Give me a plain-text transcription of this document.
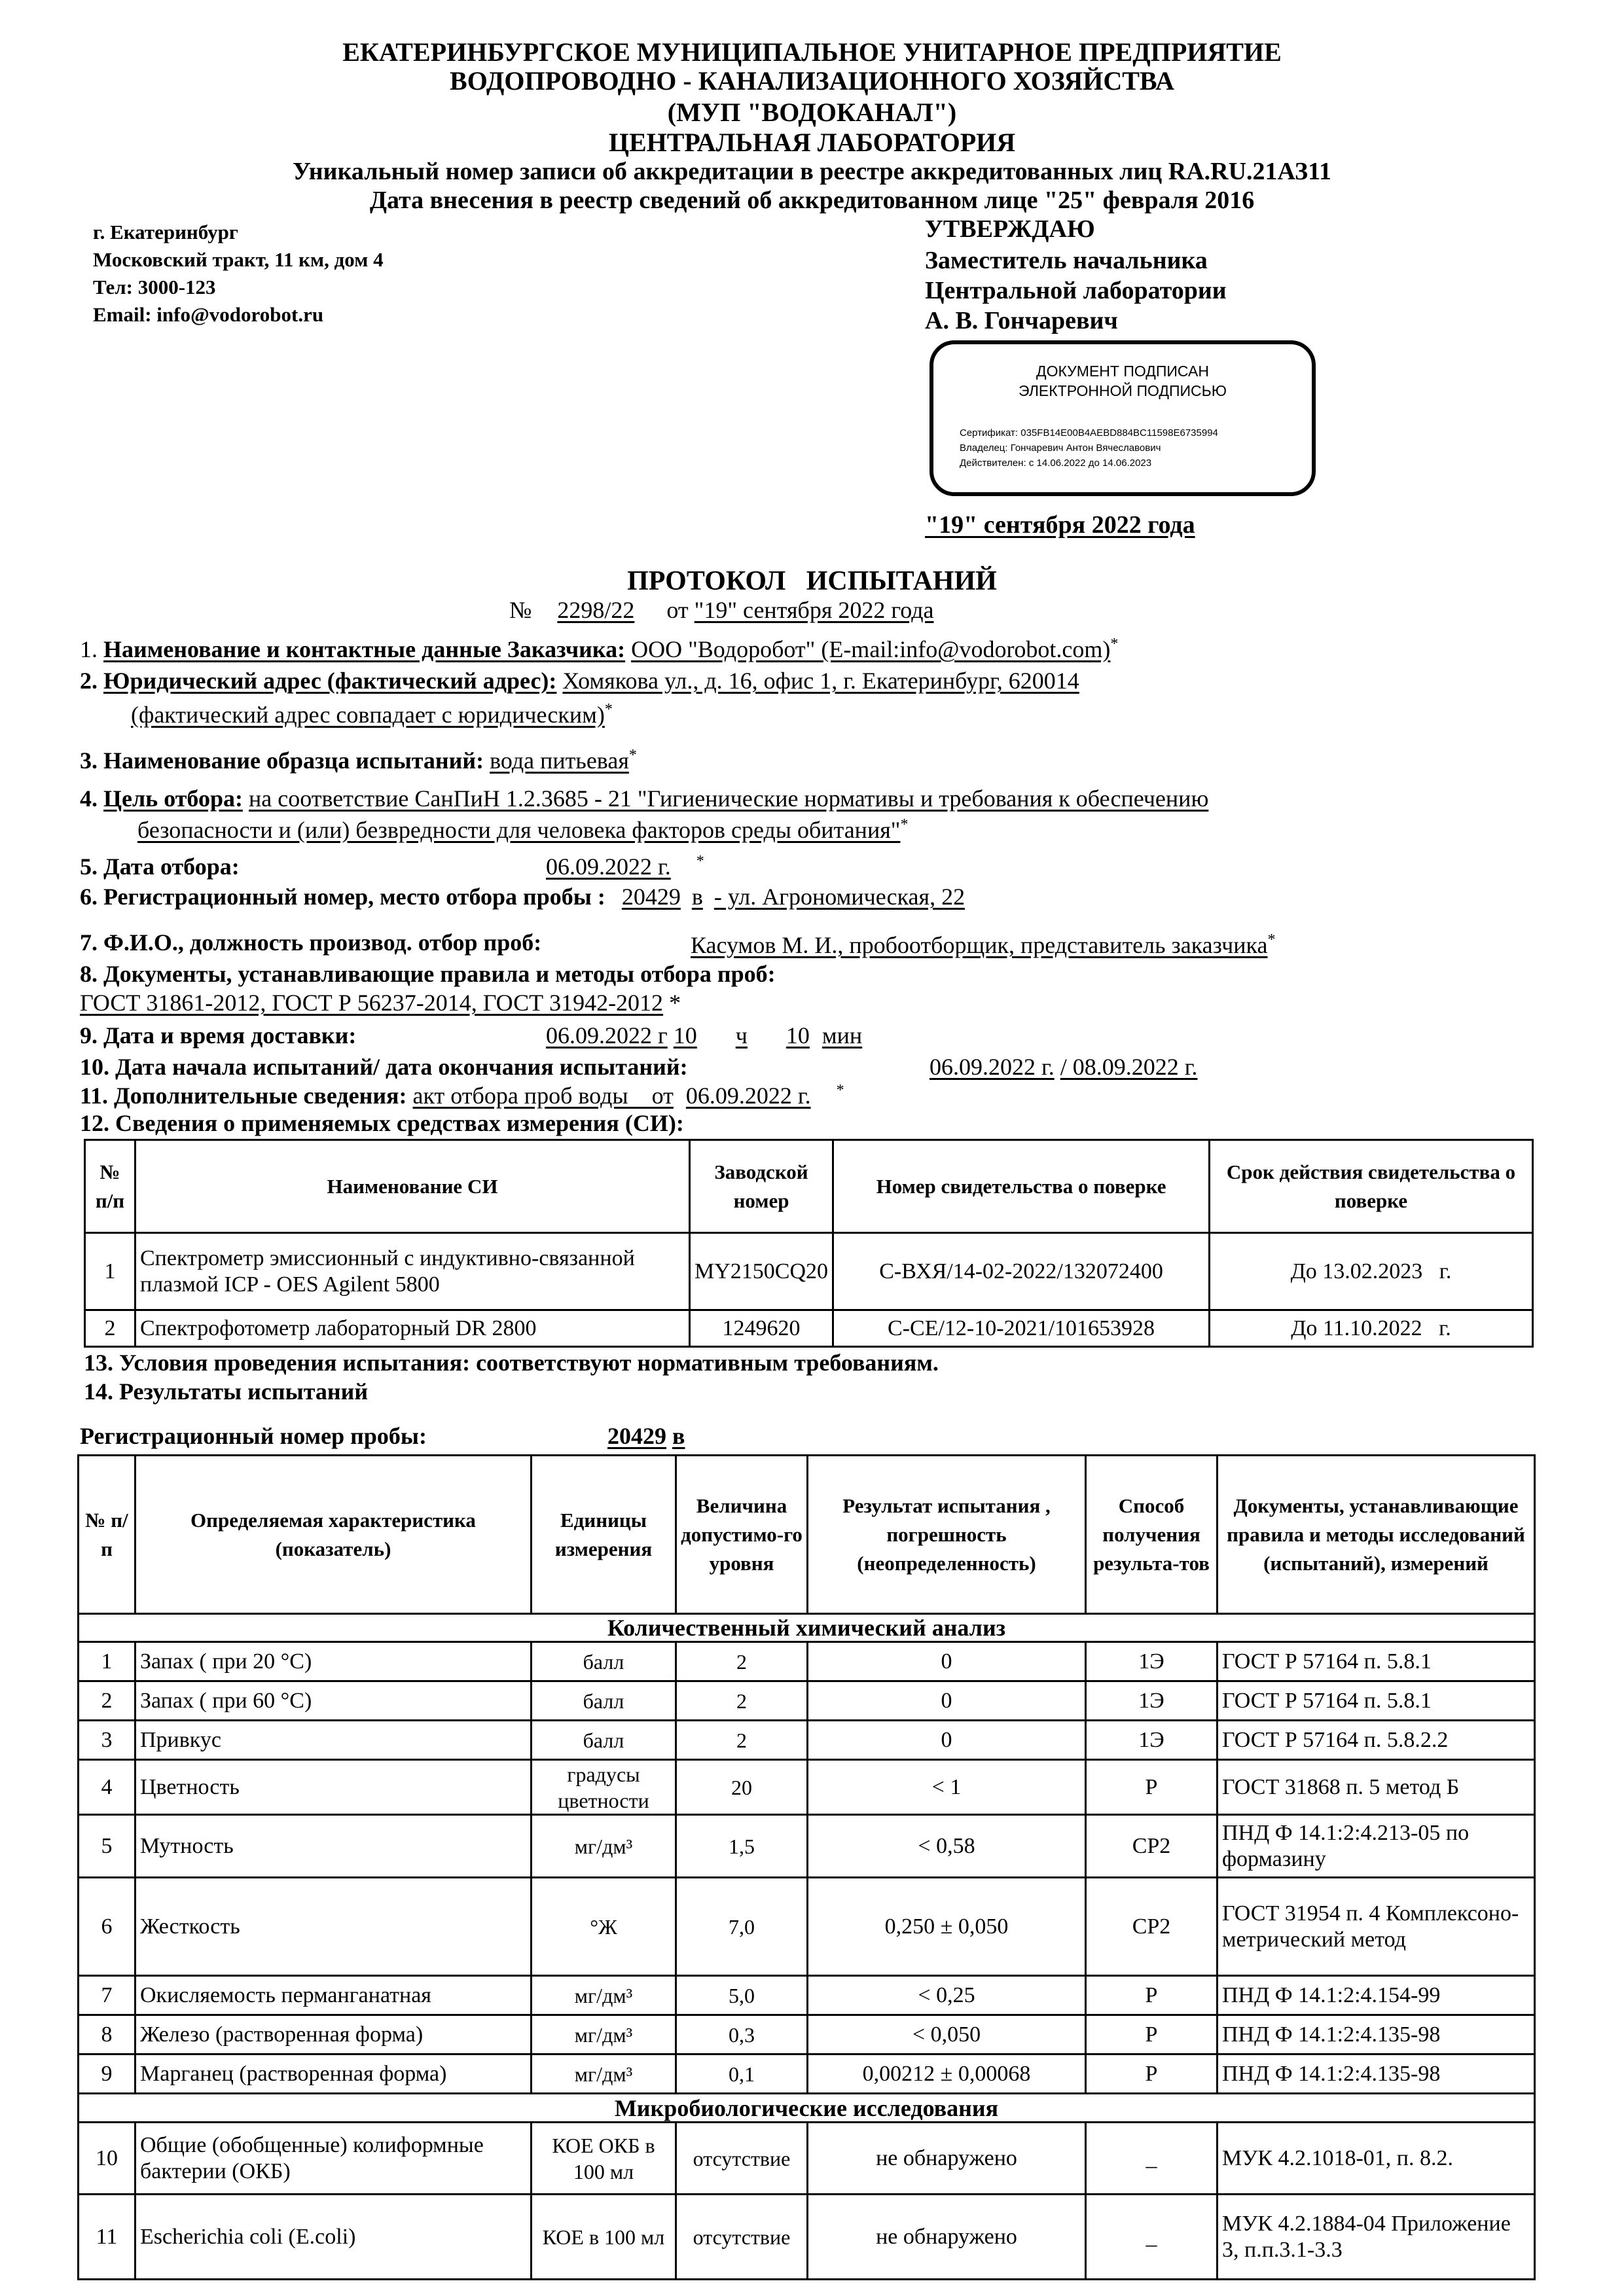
ЕКАТЕРИНБУРГСКОЕ МУНИЦИПАЛЬНОЕ УНИТАРНОЕ ПРЕДПРИЯТИЕ
ВОДОПРОВОДНО - КАНАЛИЗАЦИОННОГО ХОЗЯЙСТВА
(МУП "ВОДОКАНАЛ")
ЦЕНТРАЛЬНАЯ ЛАБОРАТОРИЯ
Уникальный номер записи об аккредитации в реестре аккредитованных лиц RA.RU.21АЗ11
Дата внесения в реестр сведений об аккредитованном лице "25" февраля 2016
г. Екатеринбург
Московский тракт, 11 км, дом 4
Тел: 3000-123
Email: info@vodorobot.ru
УТВЕРЖДАЮ
Заместитель начальника
Центральной лаборатории
А. В. Гончаревич
ДОКУМЕНТ ПОДПИСАН
ЭЛЕКТРОННОЙ ПОДПИСЬЮ
Сертификат: 035FB14E00B4AEBD884BC11598E6735994
Владелец: Гончаревич Антон Вячеславович
Действителен: с 14.06.2022 до 14.06.2023
"19" сентября 2022 года
ПРОТОКОЛ   ИСПЫТАНИЙ
№ 2298/22 от "19" сентября 2022 года
1. Наименование и контактные данные Заказчика: ООО "Водоробот" (E-mail:info@vodorobot.com)*
2. Юридический адрес (фактический адрес): Хомякова ул., д. 16, офис 1, г. Екатеринбург, 620014
(фактический адрес совпадает с юридическим)*
3. Наименование образца испытаний: вода питьевая*
4. Цель отбора: на соответствие СанПиН 1.2.3685 - 21 "Гигиенические нормативы и требования к обеспечению
безопасности и (или) безвредности для человека факторов среды обитания"*
5. Дата отбора:	06.09.2022 г. *
6. Регистрационный номер, место отбора пробы : 20429 в - ул. Агрономическая, 22
7. Ф.И.О., должность производ. отбор проб:	Касумов М. И., пробоотборщик, представитель заказчика*
8. Документы, устанавливающие правила и методы отбора проб:
ГОСТ 31861-2012, ГОСТ Р 56237-2014, ГОСТ 31942-2012 *
9. Дата и время доставки:	06.09.2022 г 10 ч 10 мин
10. Дата начала испытаний/ дата окончания испытаний:	06.09.2022 г. / 08.09.2022 г.
11. Дополнительные сведения: акт отбора проб воды    от 06.09.2022 г. *
12. Сведения о применяемых средствах измерения (СИ):
№ п/п	Наименование СИ	Заводской номер	Номер свидетельства о поверке	Срок действия свидетельства о поверке
1	Спектрометр эмиссионный с индуктивно-связанной плазмой ICP - OES Agilent 5800	MY2150CQ20	С-ВХЯ/14-02-2022/132072400	До 13.02.2023   г.
2	Спектрофотометр лабораторный DR 2800	1249620	С-СЕ/12-10-2021/101653928	До 11.10.2022   г.
13. Условия проведения испытания: соответствуют нормативным требованиям.
14. Результаты испытаний
Регистрационный номер пробы:	20429 в
№ п/п	Определяемая характеристика (показатель)	Единицы измерения	Величина допустимо-го уровня	Результат испытания , погрешность (неопределенность)	Способ получения результа-тов	Документы, устанавливающие правила и методы исследований (испытаний), измерений
Количественный химический анализ						
1	Запах ( при 20 °С)	балл	2	0	1Э	ГОСТ Р 57164 п. 5.8.1
2	Запах ( при 60 °С)	балл	2	0	1Э	ГОСТ Р 57164 п. 5.8.1
3	Привкус	балл	2	0	1Э	ГОСТ Р 57164 п. 5.8.2.2
4	Цветность	градусы цветности	20	< 1	Р	ГОСТ 31868 п. 5 метод Б
5	Мутность	мг/дм³	1,5	< 0,58	СР2	ПНД Ф 14.1:2:4.213-05 по формазину
6	Жесткость	°Ж	7,0	0,250 ± 0,050	СР2	ГОСТ 31954 п. 4 Комплексоно-метрический метод
7	Окисляемость перманганатная	мг/дм³	5,0	< 0,25	Р	ПНД Ф 14.1:2:4.154-99
8	Железо (растворенная форма)	мг/дм³	0,3	< 0,050	Р	ПНД Ф 14.1:2:4.135-98
9	Марганец (растворенная форма)	мг/дм³	0,1	0,00212 ± 0,00068	Р	ПНД Ф 14.1:2:4.135-98
Микробиологические исследования						
10	Общие (обобщенные) колиформные бактерии (ОКБ)	КОЕ ОКБ в 100 мл	отсутствие	не обнаружено	_	МУК 4.2.1018-01, п. 8.2.
11	Escherichia coli (E.coli)	КОЕ в 100 мл	отсутствие	не обнаружено	_	МУК 4.2.1884-04 Приложение 3, п.п.3.1-3.3
